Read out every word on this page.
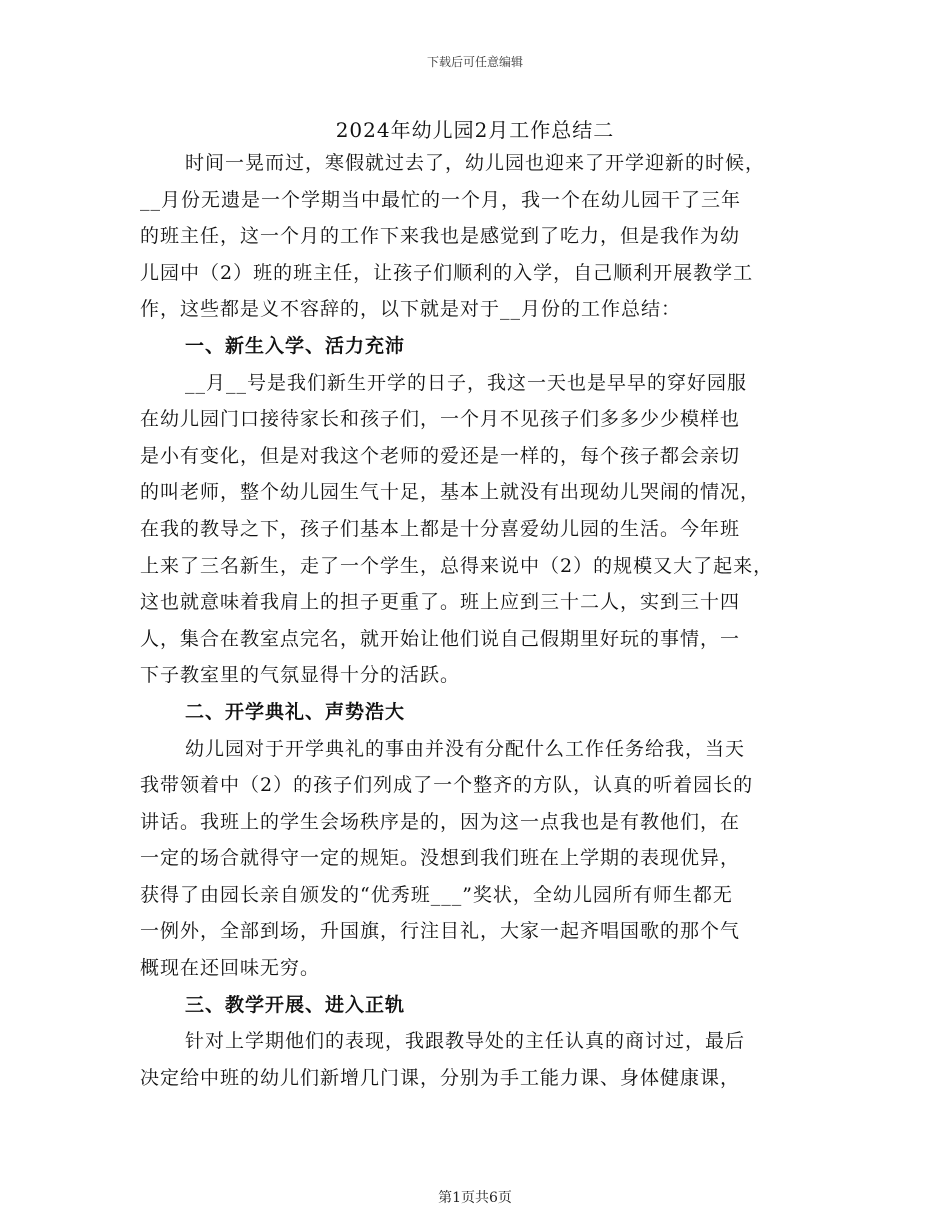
下载后可任意编辑
2024年幼儿园2月工作总结二
时间一晃而过，寒假就过去了，幼儿园也迎来了开学迎新的时候，
__月份无遗是一个学期当中最忙的一个月，我一个在幼儿园干了三年
的班主任，这一个月的工作下来我也是感觉到了吃力，但是我作为幼
儿园中（2）班的班主任，让孩子们顺利的入学，自己顺利开展教学工
作，这些都是义不容辞的，以下就是对于__月份的工作总结：
一、新生入学、活力充沛
__月__号是我们新生开学的日子，我这一天也是早早的穿好园服
在幼儿园门口接待家长和孩子们，一个月不见孩子们多多少少模样也
是小有变化，但是对我这个老师的爱还是一样的，每个孩子都会亲切
的叫老师，整个幼儿园生气十足，基本上就没有出现幼儿哭闹的情况，
在我的教导之下，孩子们基本上都是十分喜爱幼儿园的生活。今年班
上来了三名新生，走了一个学生，总得来说中（2）的规模又大了起来，
这也就意味着我肩上的担子更重了。班上应到三十二人，实到三十四
人，集合在教室点完名，就开始让他们说自己假期里好玩的事情，一
下子教室里的气氛显得十分的活跃。
二、开学典礼、声势浩大
幼儿园对于开学典礼的事由并没有分配什么工作任务给我，当天
我带领着中（2）的孩子们列成了一个整齐的方队，认真的听着园长的
讲话。我班上的学生会场秩序是的，因为这一点我也是有教他们，在
一定的场合就得守一定的规矩。没想到我们班在上学期的表现优异，
获得了由园长亲自颁发的“优秀班___”奖状，全幼儿园所有师生都无
一例外，全部到场，升国旗，行注目礼，大家一起齐唱国歌的那个气
概现在还回味无穷。
三、教学开展、进入正轨
针对上学期他们的表现，我跟教导处的主任认真的商讨过，最后
决定给中班的幼儿们新增几门课，分别为手工能力课、身体健康课，
第1页共6页
